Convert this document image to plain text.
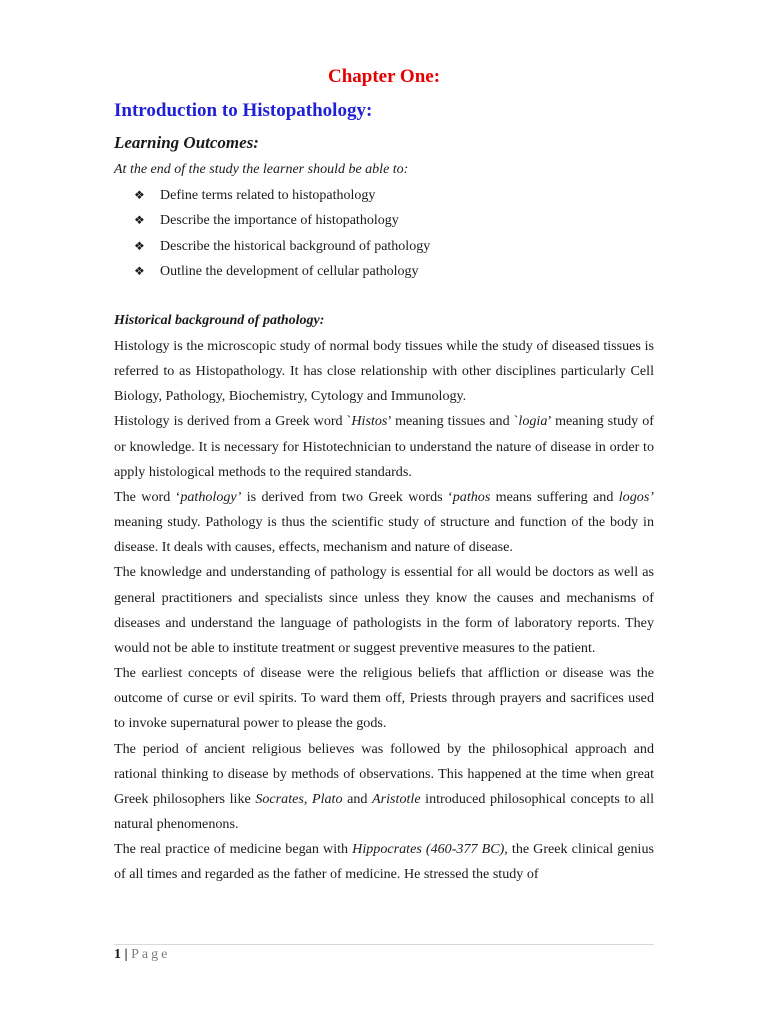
Chapter One:
Introduction to Histopathology:
Learning Outcomes:
At the end of the study the learner should be able to:
❖	Define terms related to histopathology
❖	Describe the importance of histopathology
❖	Describe the historical background of pathology
❖	Outline the development of cellular pathology
Historical background of pathology:

Histology is the microscopic study of normal body tissues while the study of diseased tissues is referred to as Histopathology. It has close relationship with other disciplines particularly Cell Biology, Pathology, Biochemistry, Cytology and Immunology.

Histology is derived from a Greek word `Histos’ meaning tissues and `logia’ meaning study of or knowledge. It is necessary for Histotechnician to understand the nature of disease in order to apply histological methods to the required standards.

The word ‘pathology’ is derived from two Greek words ‘pathos means suffering and logos’ meaning study. Pathology is thus the scientific study of structure and function of the body in disease. It deals with causes, effects, mechanism and nature of disease.

The knowledge and understanding of pathology is essential for all would be doctors as well as general practitioners and specialists since unless they know the causes and mechanisms of diseases and understand the language of pathologists in the form of laboratory reports. They would not be able to institute treatment or suggest preventive measures to the patient.

The earliest concepts of disease were the religious beliefs that affliction or disease was the outcome of curse or evil spirits. To ward them off, Priests through prayers and sacrifices used to invoke supernatural power to please the gods.

The period of ancient religious believes was followed by the philosophical approach and rational thinking to disease by methods of observations. This happened at the time when great Greek philosophers like Socrates, Plato and Aristotle introduced philosophical concepts to all natural phenomenons.

The real practice of medicine began with Hippocrates (460-377 BC), the Greek clinical genius of all times and regarded as the father of medicine. He stressed the study of

1 | Page
